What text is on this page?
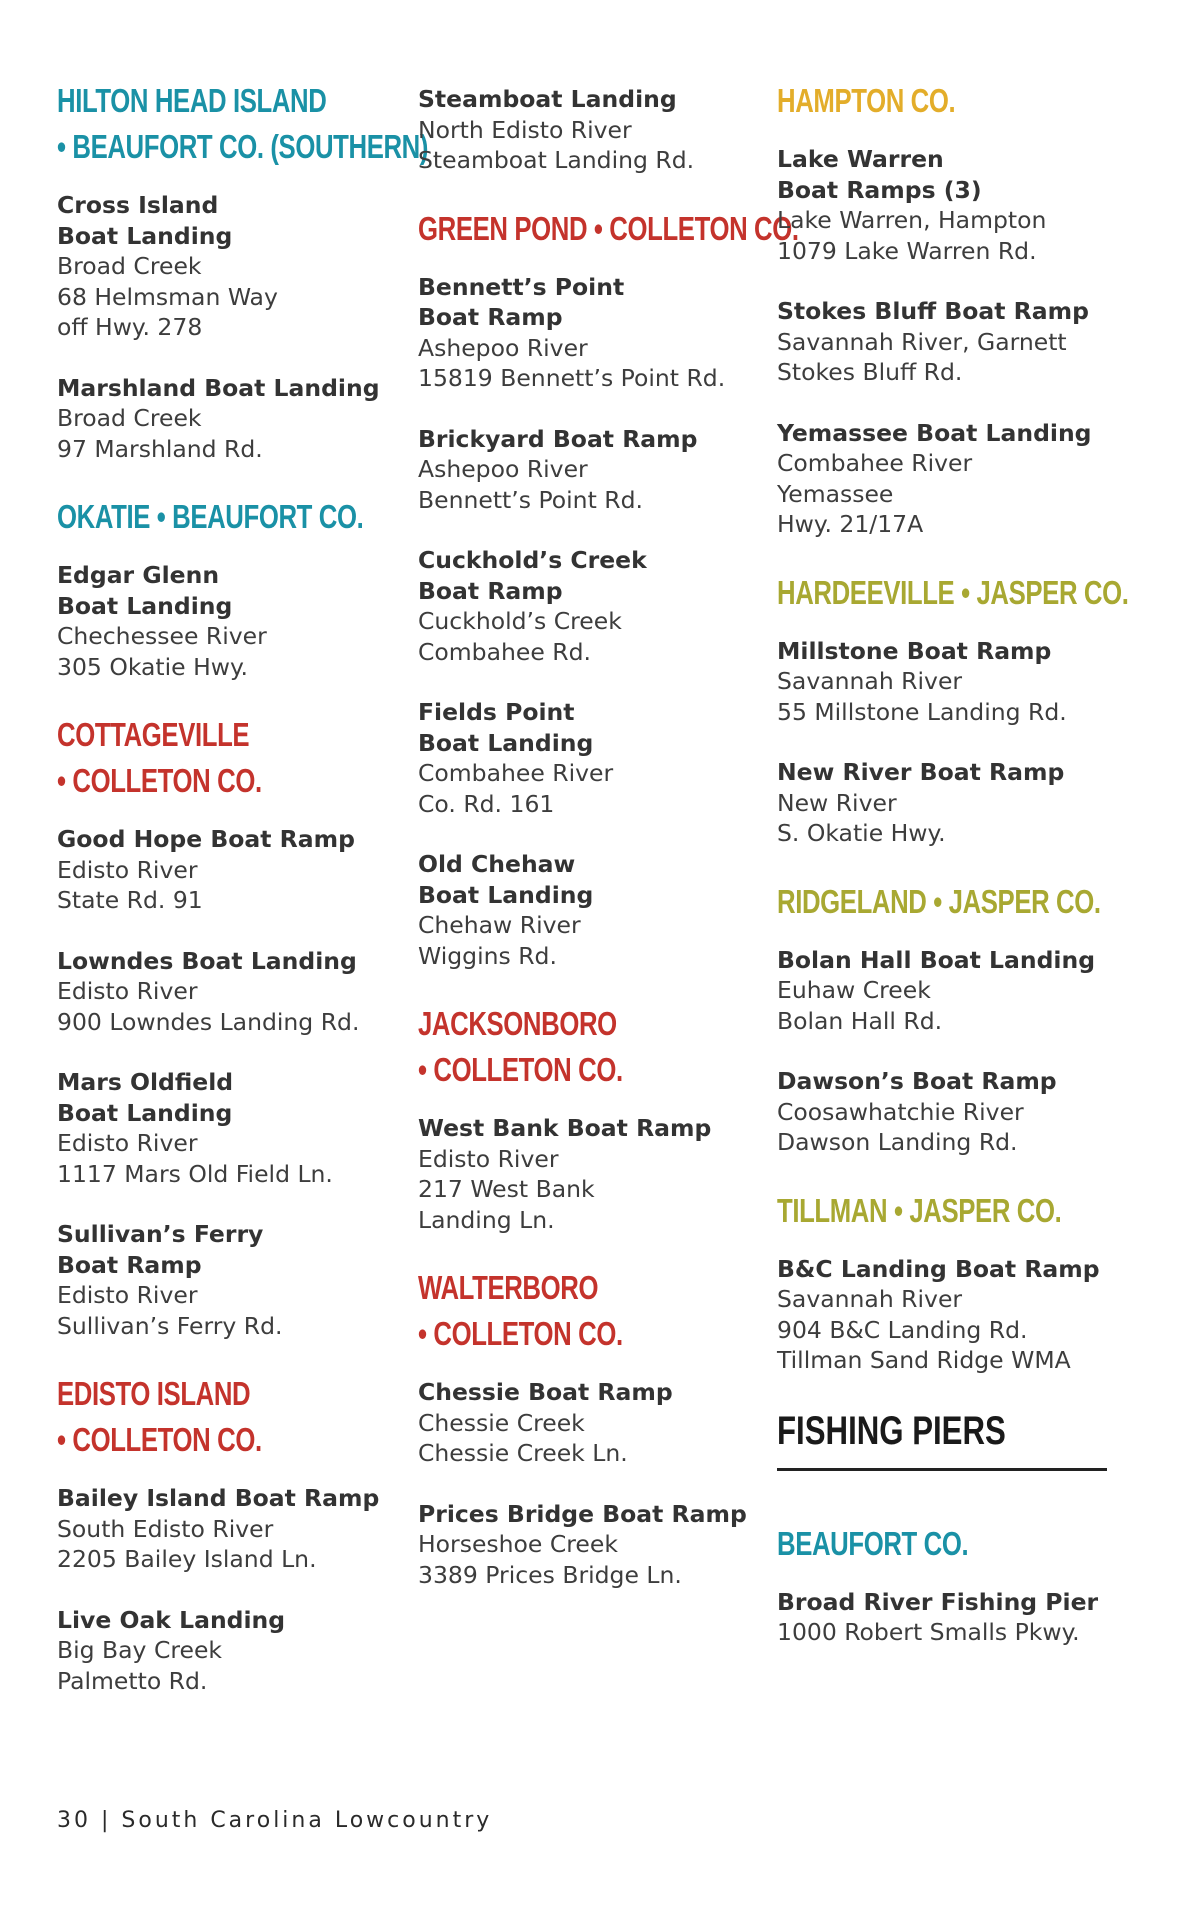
HILTON HEAD ISLAND
• BEAUFORT CO. (SOUTHERN)
Cross Island
Boat Landing
Broad Creek
68 Helmsman Way
off Hwy. 278
Marshland Boat Landing
Broad Creek
97 Marshland Rd.
OKATIE • BEAUFORT CO.
Edgar Glenn
Boat Landing
Chechessee River
305 Okatie Hwy.
COTTAGEVILLE
• COLLETON CO.
Good Hope Boat Ramp
Edisto River
State Rd. 91
Lowndes Boat Landing
Edisto River
900 Lowndes Landing Rd.
Mars Oldfield
Boat Landing
Edisto River
1117 Mars Old Field Ln.
Sullivan’s Ferry
Boat Ramp
Edisto River
Sullivan’s Ferry Rd.
EDISTO ISLAND
• COLLETON CO.
Bailey Island Boat Ramp
South Edisto River
2205 Bailey Island Ln.
Live Oak Landing
Big Bay Creek
Palmetto Rd.
Steamboat Landing
North Edisto River
Steamboat Landing Rd.
GREEN POND • COLLETON CO.
Bennett’s Point
Boat Ramp
Ashepoo River
15819 Bennett’s Point Rd.
Brickyard Boat Ramp
Ashepoo River
Bennett’s Point Rd.
Cuckhold’s Creek
Boat Ramp
Cuckhold’s Creek
Combahee Rd.
Fields Point
Boat Landing
Combahee River
Co. Rd. 161
Old Chehaw
Boat Landing
Chehaw River
Wiggins Rd.
JACKSONBORO
• COLLETON CO.
West Bank Boat Ramp
Edisto River
217 West Bank
Landing Ln.
WALTERBORO
• COLLETON CO.
Chessie Boat Ramp
Chessie Creek
Chessie Creek Ln.
Prices Bridge Boat Ramp
Horseshoe Creek
3389 Prices Bridge Ln.
HAMPTON CO.
Lake Warren
Boat Ramps (3)
Lake Warren, Hampton
1079 Lake Warren Rd.
Stokes Bluff Boat Ramp
Savannah River, Garnett
Stokes Bluff Rd.
Yemassee Boat Landing
Combahee River
Yemassee
Hwy. 21/17A
HARDEEVILLE • JASPER CO.
Millstone Boat Ramp
Savannah River
55 Millstone Landing Rd.
New River Boat Ramp
New River
S. Okatie Hwy.
RIDGELAND • JASPER CO.
Bolan Hall Boat Landing
Euhaw Creek
Bolan Hall Rd.
Dawson’s Boat Ramp
Coosawhatchie River
Dawson Landing Rd.
TILLMAN • JASPER CO.
B&C Landing Boat Ramp
Savannah River
904 B&C Landing Rd.
Tillman Sand Ridge WMA
FISHING PIERS
BEAUFORT CO.
Broad River Fishing Pier
1000 Robert Smalls Pkwy.
30 | South Carolina Lowcountry
